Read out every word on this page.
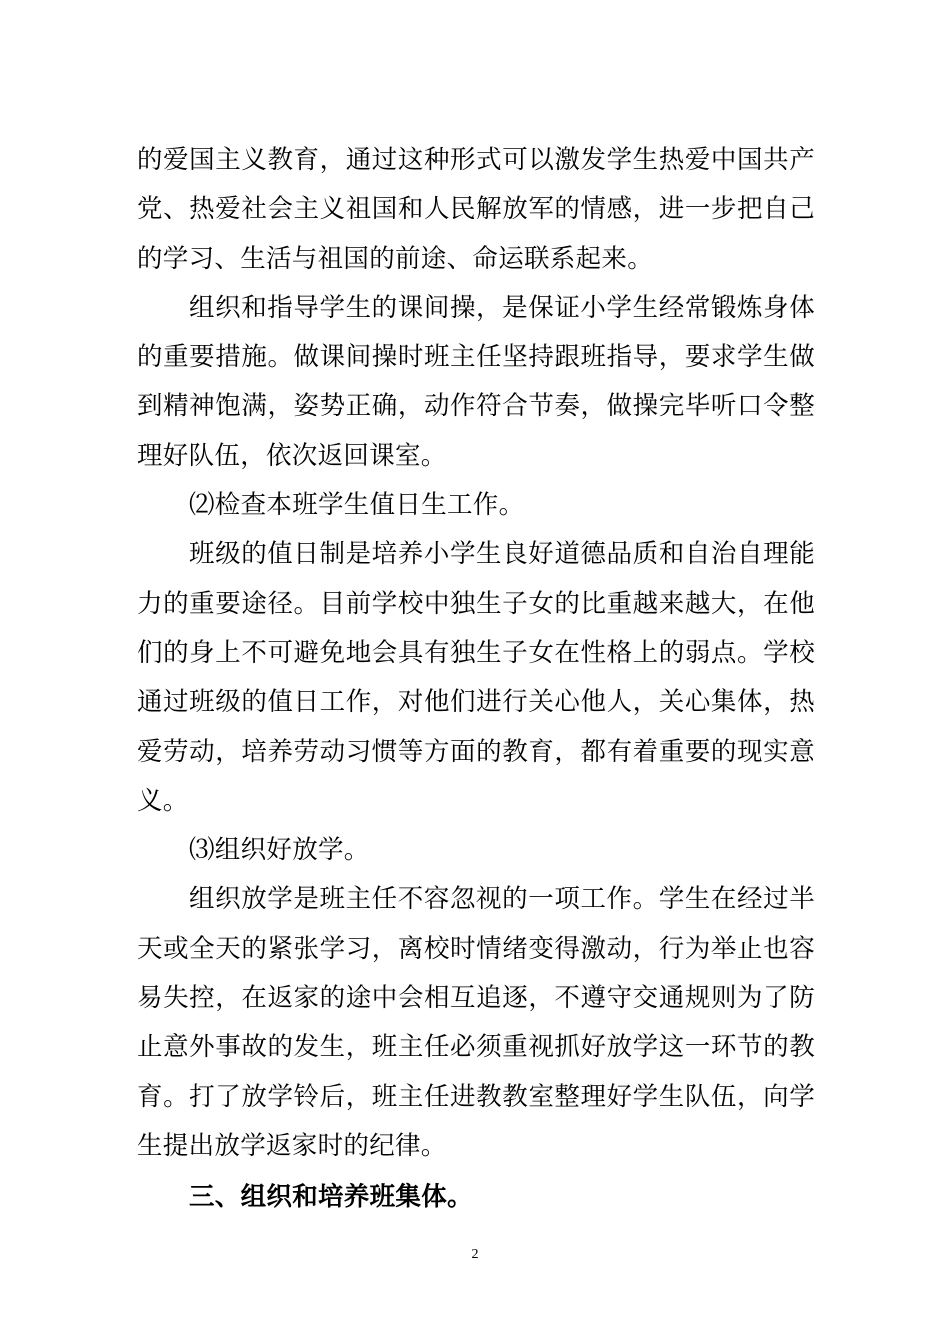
的爱国主义教育，通过这种形式可以激发学生热爱中国共产党、热爱社会主义祖国和人民解放军的情感，进一步把自己的学习、生活与祖国的前途、命运联系起来。

组织和指导学生的课间操，是保证小学生经常锻炼身体的重要措施。做课间操时班主任坚持跟班指导，要求学生做到精神饱满，姿势正确，动作符合节奏，做操完毕听口令整理好队伍，依次返回课室。

⑵检查本班学生值日生工作。

班级的值日制是培养小学生良好道德品质和自治自理能力的重要途径。目前学校中独生子女的比重越来越大，在他们的身上不可避免地会具有独生子女在性格上的弱点。学校通过班级的值日工作，对他们进行关心他人，关心集体，热爱劳动，培养劳动习惯等方面的教育，都有着重要的现实意义。

⑶组织好放学。

组织放学是班主任不容忽视的一项工作。学生在经过半天或全天的紧张学习，离校时情绪变得激动，行为举止也容易失控，在返家的途中会相互追逐，不遵守交通规则为了防止意外事故的发生，班主任必须重视抓好放学这一环节的教育。打了放学铃后，班主任进教教室整理好学生队伍，向学生提出放学返家时的纪律。

三、组织和培养班集体。

2
